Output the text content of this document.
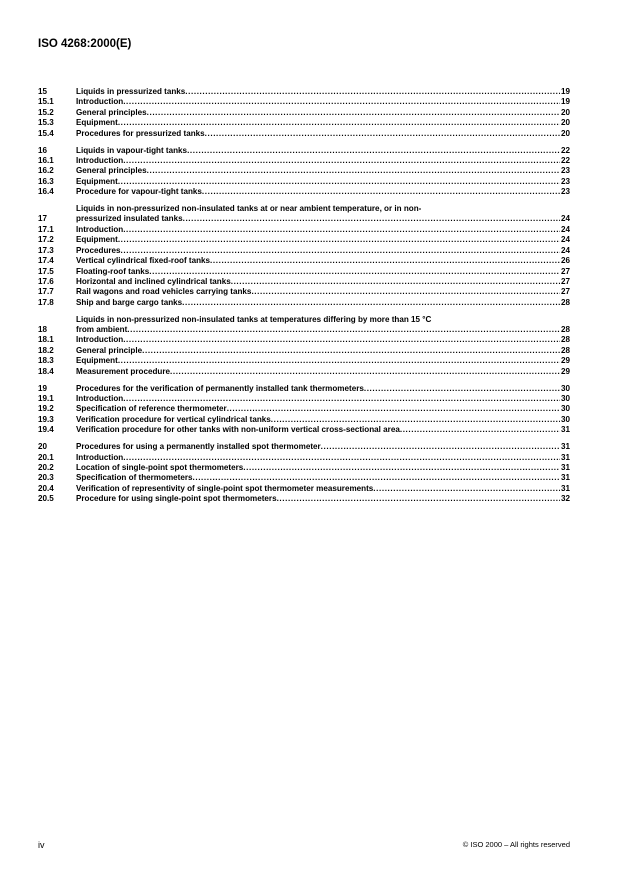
ISO 4268:2000(E)
15	Liquids in pressurized tanks .....	19
15.1	Introduction .....	19
15.2	General principles .....	20
15.3	Equipment .....	20
15.4	Procedures for pressurized tanks .....	20
16	Liquids in vapour-tight tanks .....	22
16.1	Introduction .....	22
16.2	General principles .....	23
16.3	Equipment .....	23
16.4	Procedure for vapour-tight tanks .....	23
17
Liquids in non-pressurized non-insulated tanks at or near ambient temperature, or in non-
pressurized insulated tanks .....	24
17.1	Introduction .....	24
17.2	Equipment .....	24
17.3	Procedures .....	24
17.4	Vertical cylindrical fixed-roof tanks .....	26
17.5	Floating-roof tanks .....	27
17.6	Horizontal and inclined cylindrical tanks .....	27
17.7	Rail wagons and road vehicles carrying tanks .....	27
17.8	Ship and barge cargo tanks .....	28
18
Liquids in non-pressurized non-insulated tanks at temperatures differing by more than 15 °C
from ambient .....	28
18.1	Introduction .....	28
18.2	General principle .....	28
18.3	Equipment .....	29
18.4	Measurement procedure .....	29
19	Procedures for the verification of permanently installed tank thermometers .....	30
19.1	Introduction .....	30
19.2	Specification of reference thermometer .....	30
19.3	Verification procedure for vertical cylindrical tanks .....	30
19.4	Verification procedure for other tanks with non-uniform vertical cross-sectional area .....	31
20	Procedures for using a permanently installed spot thermometer .....	31
20.1	Introduction .....	31
20.2	Location of single-point spot thermometers .....	31
20.3	Specification of thermometers .....	31
20.4	Verification of representivity of single-point spot thermometer measurements .....	31
20.5	Procedure for using single-point spot thermometers .....	32
iv	© ISO 2000 – All rights reserved
